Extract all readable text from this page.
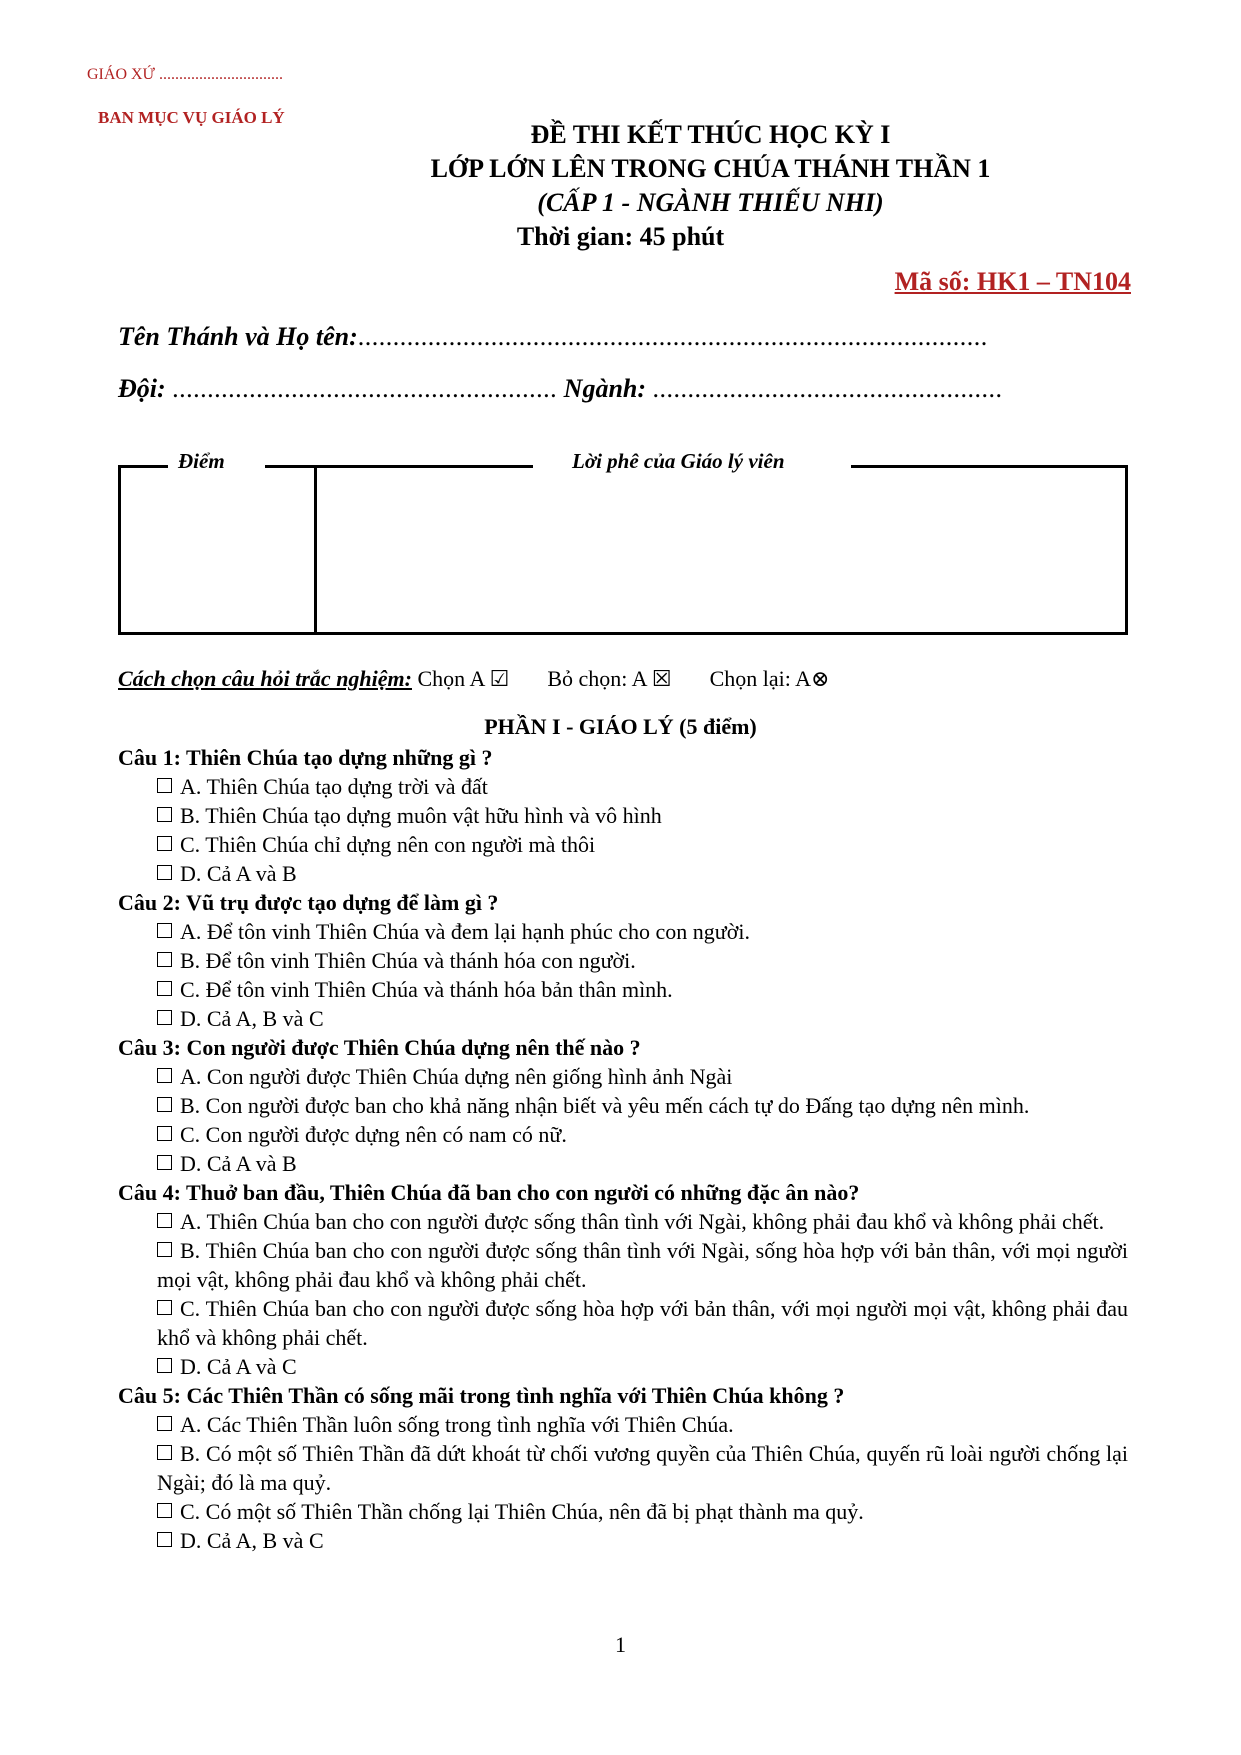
GIÁO XỨ ...............................
BAN MỤC VỤ GIÁO LÝ
ĐỀ THI KẾT THÚC HỌC KỲ I
LỚP LỚN LÊN TRONG CHÚA THÁNH THẦN 1
(CẤP 1 - NGÀNH THIẾU NHI)
Thời gian: 45 phút
Mã số: HK1 – TN104
Tên Thánh và Họ tên:..........................................................................................
Đội: ....................................................... Ngành: ..................................................
Điểm	Lời phê của Giáo lý viên
Cách chọn câu hỏi trắc nghiệm: Chọn A ☑ Bỏ chọn: A ☒ Chọn lại: A⊗
PHẦN I - GIÁO LÝ (5 điểm)
Câu 1: Thiên Chúa tạo dựng những gì ?
A. Thiên Chúa tạo dựng trời và đất
B. Thiên Chúa tạo dựng muôn vật hữu hình và vô hình
C. Thiên Chúa chỉ dựng nên con người mà thôi
D. Cả A và B
Câu 2: Vũ trụ được tạo dựng để làm gì ?
A. Để tôn vinh Thiên Chúa và đem lại hạnh phúc cho con người.
B. Để tôn vinh Thiên Chúa và thánh hóa con người.
C. Để tôn vinh Thiên Chúa và thánh hóa bản thân mình.
D. Cả A, B và C
Câu 3: Con người được Thiên Chúa dựng nên thế nào ?
A. Con người được Thiên Chúa dựng nên giống hình ảnh Ngài
B. Con người được ban cho khả năng nhận biết và yêu mến cách tự do Đấng tạo dựng nên mình.
C. Con người được dựng nên có nam có nữ.
D. Cả A và B
Câu 4: Thuở ban đầu, Thiên Chúa đã ban cho con người có những đặc ân nào?
A. Thiên Chúa ban cho con người được sống thân tình với Ngài, không phải đau khổ và không phải chết.
B. Thiên Chúa ban cho con người được sống thân tình với Ngài, sống hòa hợp với bản thân, với mọi người mọi vật, không phải đau khổ và không phải chết.
C. Thiên Chúa ban cho con người được sống hòa hợp với bản thân, với mọi người mọi vật, không phải đau khổ và không phải chết.
D. Cả A và C
Câu 5: Các Thiên Thần có sống mãi trong tình nghĩa với Thiên Chúa không ?
A. Các Thiên Thần luôn sống trong tình nghĩa với Thiên Chúa.
B. Có một số Thiên Thần đã dứt khoát từ chối vương quyền của Thiên Chúa, quyến rũ loài người chống lại Ngài; đó là ma quỷ.
C. Có một số Thiên Thần chống lại Thiên Chúa, nên đã bị phạt thành ma quỷ.
D. Cả A, B và C
1
